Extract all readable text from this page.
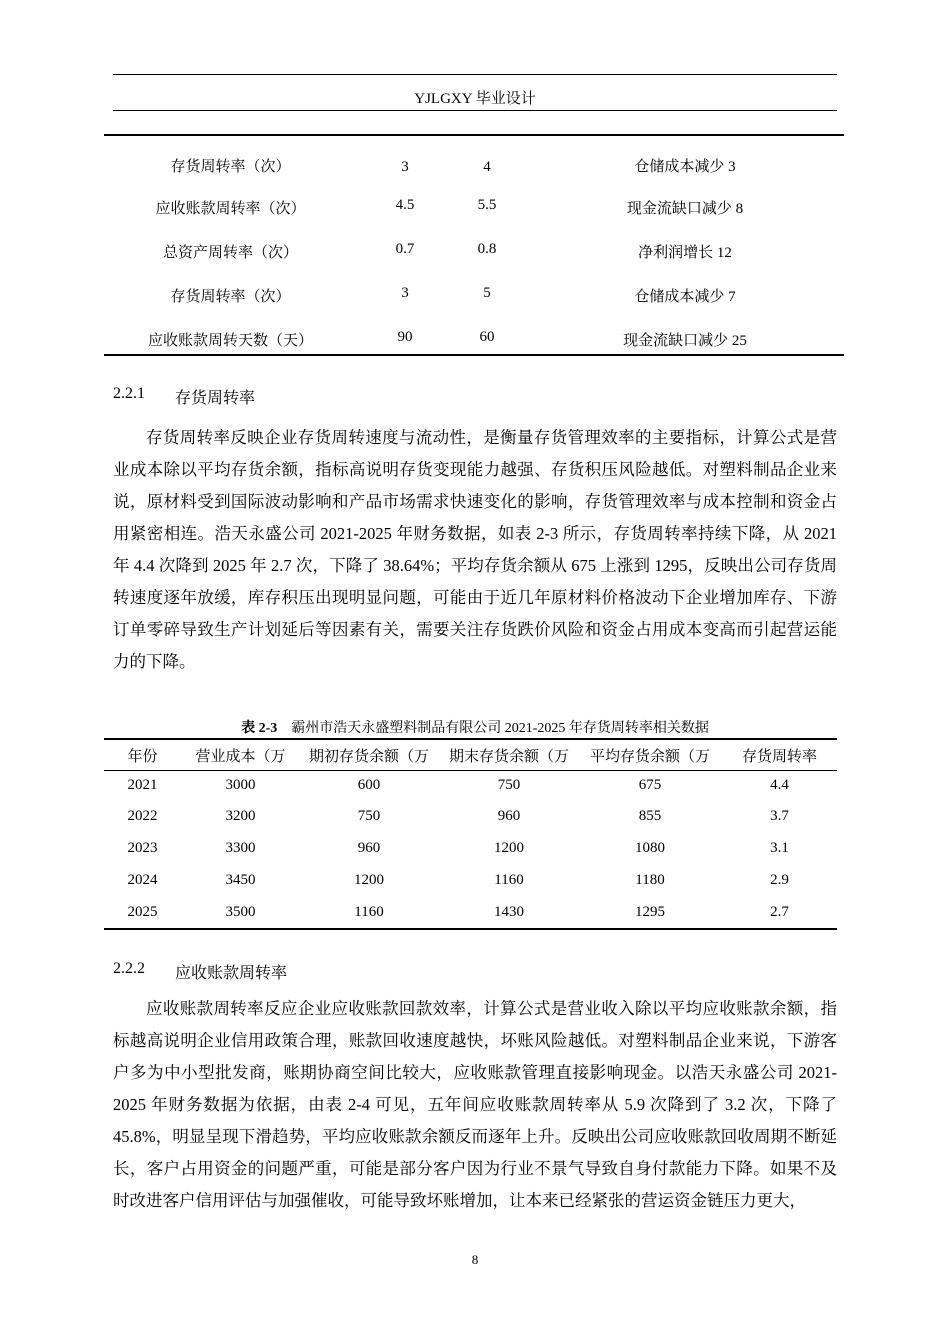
YJLGXY 毕业设计
存货周转率（次）	3	4	仓储成本减少 3
应收账款周转率（次）	4.5	5.5	现金流缺口减少 8
总资产周转率（次）	0.7	0.8	净利润增长 12
存货周转率（次）	3	5	仓储成本减少 7
应收账款周转天数（天）	90	60	现金流缺口减少 25
2.2.1 存货周转率

存货周转率反映企业存货周转速度与流动性，是衡量存货管理效率的主要指标，计算公式是营业成本除以平均存货余额，指标高说明存货变现能力越强、存货积压风险越低。对塑料制品企业来说，原材料受到国际波动影响和产品市场需求快速变化的影响，存货管理效率与成本控制和资金占用紧密相连。浩天永盛公司 2021-2025 年财务数据，如表 2-3 所示，存货周转率持续下降，从 2021 年 4.4 次降到 2025 年 2.7 次，下降了 38.64%；平均存货余额从 675 上涨到 1295，反映出公司存货周转速度逐年放缓，库存积压出现明显问题，可能由于近几年原材料价格波动下企业增加库存、下游订单零碎导致生产计划延后等因素有关，需要关注存货跌价风险和资金占用成本变高而引起营运能力的下降。

表 2-3  霸州市浩天永盛塑料制品有限公司 2021-2025 年存货周转率相关数据
年份	营业成本（万	期初存货余额（万	期末存货余额（万	平均存货余额（万	存货周转率
2021	3000	600	750	675	4.4
2022	3200	750	960	855	3.7
2023	3300	960	1200	1080	3.1
2024	3450	1200	1160	1180	2.9
2025	3500	1160	1430	1295	2.7
2.2.2 应收账款周转率

应收账款周转率反应企业应收账款回款效率，计算公式是营业收入除以平均应收账款余额，指标越高说明企业信用政策合理，账款回收速度越快，坏账风险越低。对塑料制品企业来说，下游客户多为中小型批发商，账期协商空间比较大，应收账款管理直接影响现金。以浩天永盛公司 2021-2025 年财务数据为依据，由表 2-4 可见，五年间应收账款周转率从 5.9 次降到了 3.2 次，下降了 45.8%，明显呈现下滑趋势，平均应收账款余额反而逐年上升。反映出公司应收账款回收周期不断延长，客户占用资金的问题严重，可能是部分客户因为行业不景气导致自身付款能力下降。如果不及时改进客户信用评估与加强催收，可能导致坏账增加，让本来已经紧张的营运资金链压力更大，

8
